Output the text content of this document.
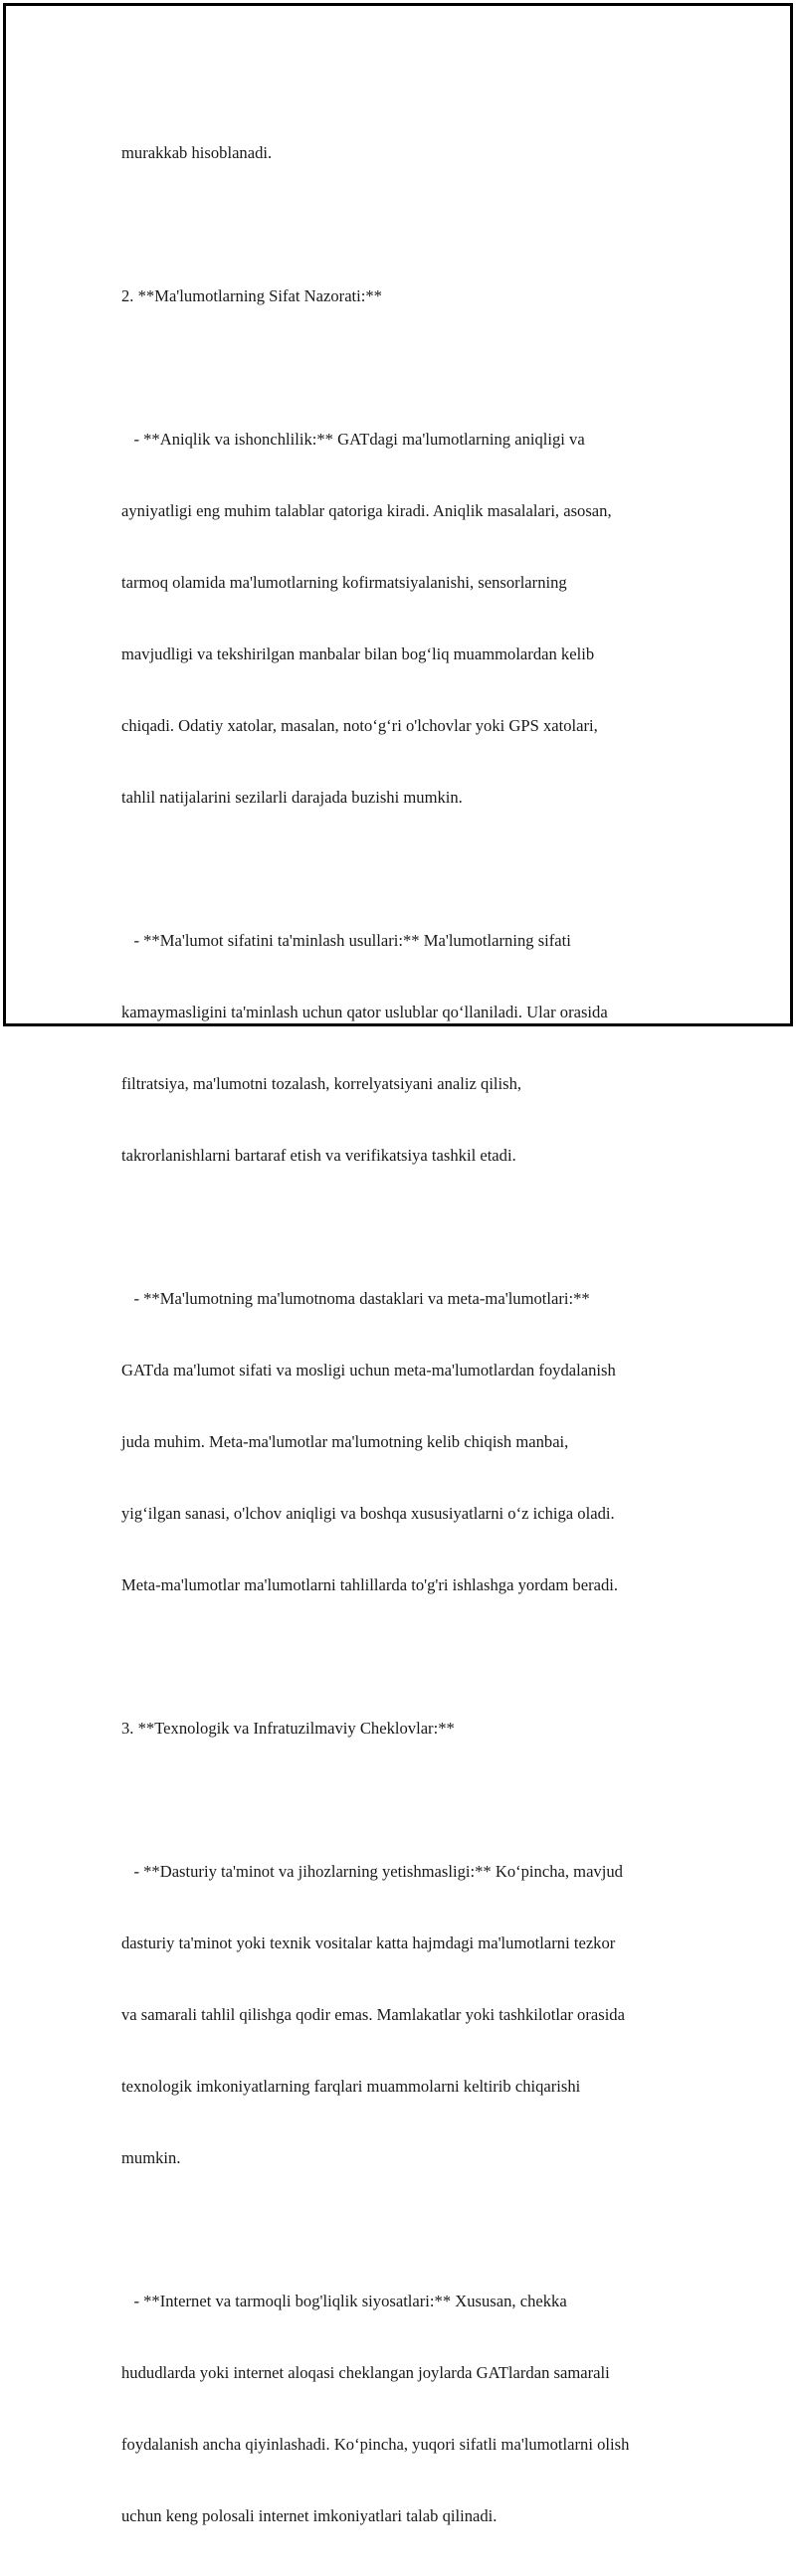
murakkab hisoblanadi.

2. **Ma'lumotlarning Sifat Nazorati:**

- **Aniqlik va ishonchlilik:** GATdagi ma'lumotlarning aniqligi va

ayniyatligi eng muhim talablar qatoriga kiradi. Aniqlik masalalari, asosan,

tarmoq olamida ma'lumotlarning kofirmatsiyalanishi, sensorlarning

mavjudligi va tekshirilgan manbalar bilan bog‘liq muammolardan kelib

chiqadi. Odatiy xatolar, masalan, noto‘g‘ri o'lchovlar yoki GPS xatolari,

tahlil natijalarini sezilarli darajada buzishi mumkin.

- **Ma'lumot sifatini ta'minlash usullari:** Ma'lumotlarning sifati

kamaymasligini ta'minlash uchun qator uslublar qo‘llaniladi. Ular orasida

filtratsiya, ma'lumotni tozalash, korrelyatsiyani analiz qilish,

takrorlanishlarni bartaraf etish va verifikatsiya tashkil etadi.

- **Ma'lumotning ma'lumotnoma dastaklari va meta-ma'lumotlari:**

GATda ma'lumot sifati va mosligi uchun meta-ma'lumotlardan foydalanish

juda muhim. Meta-ma'lumotlar ma'lumotning kelib chiqish manbai,

yig‘ilgan sanasi, o'lchov aniqligi va boshqa xususiyatlarni o‘z ichiga oladi.

Meta-ma'lumotlar ma'lumotlarni tahlillarda to'g'ri ishlashga yordam beradi.

3. **Texnologik va Infratuzilmaviy Cheklovlar:**

- **Dasturiy ta'minot va jihozlarning yetishmasligi:** Ko‘pincha, mavjud

dasturiy ta'minot yoki texnik vositalar katta hajmdagi ma'lumotlarni tezkor

va samarali tahlil qilishga qodir emas. Mamlakatlar yoki tashkilotlar orasida

texnologik imkoniyatlarning farqlari muammolarni keltirib chiqarishi

mumkin.

- **Internet va tarmoqli bog'liqlik siyosatlari:** Xususan, chekka

hududlarda yoki internet aloqasi cheklangan joylarda GATlardan samarali

foydalanish ancha qiyinlashadi. Ko‘pincha, yuqori sifatli ma'lumotlarni olish

uchun keng polosali internet imkoniyatlari talab qilinadi.
